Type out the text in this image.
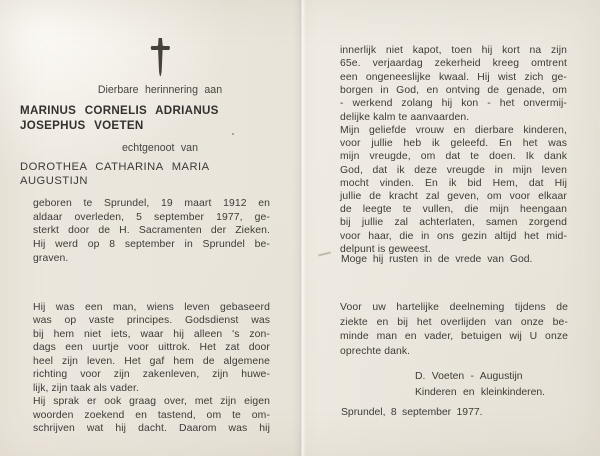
Dierbare herinnering aan
MARINUS CORNELIS ADRIANUS
JOSEPHUS VOETEN
echtgenoot van
DOROTHEA CATHARINA MARIA
AUGUSTIJN
geboren te Sprundel, 19 maart 1912 en
aldaar overleden, 5 september 1977, ge-
sterkt door de H. Sacramenten der Zieken.
Hij werd op 8 september in Sprundel be-
graven.
Hij was een man, wiens leven gebaseerd
was op vaste principes. Godsdienst was
bij hem niet iets, waar hij alleen 's zon-
dags een uurtje voor uittrok. Het zat door
heel zijn leven. Het gaf hem de algemene
richting voor zijn zakenleven, zijn huwe-
lijk, zijn taak als vader.
Hij sprak er ook graag over, met zijn eigen
woorden zoekend en tastend, om te om-
schrijven wat hij dacht. Daarom was hij
innerlijk niet kapot, toen hij kort na zijn
65e. verjaardag zekerheid kreeg omtrent
een ongeneeslijke kwaal. Hij wist zich ge-
borgen in God, en ontving de genade, om
- werkend zolang hij kon - het onvermij-
delijke kalm te aanvaarden.
Mijn geliefde vrouw en dierbare kinderen,
voor jullie heb ik geleefd. En het was
mijn vreugde, om dat te doen. Ik dank
God, dat ik deze vreugde in mijn leven
mocht vinden. En ik bid Hem, dat Hij
jullie de kracht zal geven, om voor elkaar
de leegte te vullen, die mijn heengaan
bij jullie zal achterlaten, samen zorgend
voor haar, die in ons gezin altijd het mid-
delpunt is geweest.
Moge hij rusten in de vrede van God.
Voor uw hartelijke deelneming tijdens de
ziekte en bij het overlijden van onze be-
minde man en vader, betuigen wij U onze
oprechte dank.
D. Voeten - Augustijn
Kinderen en kleinkinderen.
Sprundel, 8 september 1977.
